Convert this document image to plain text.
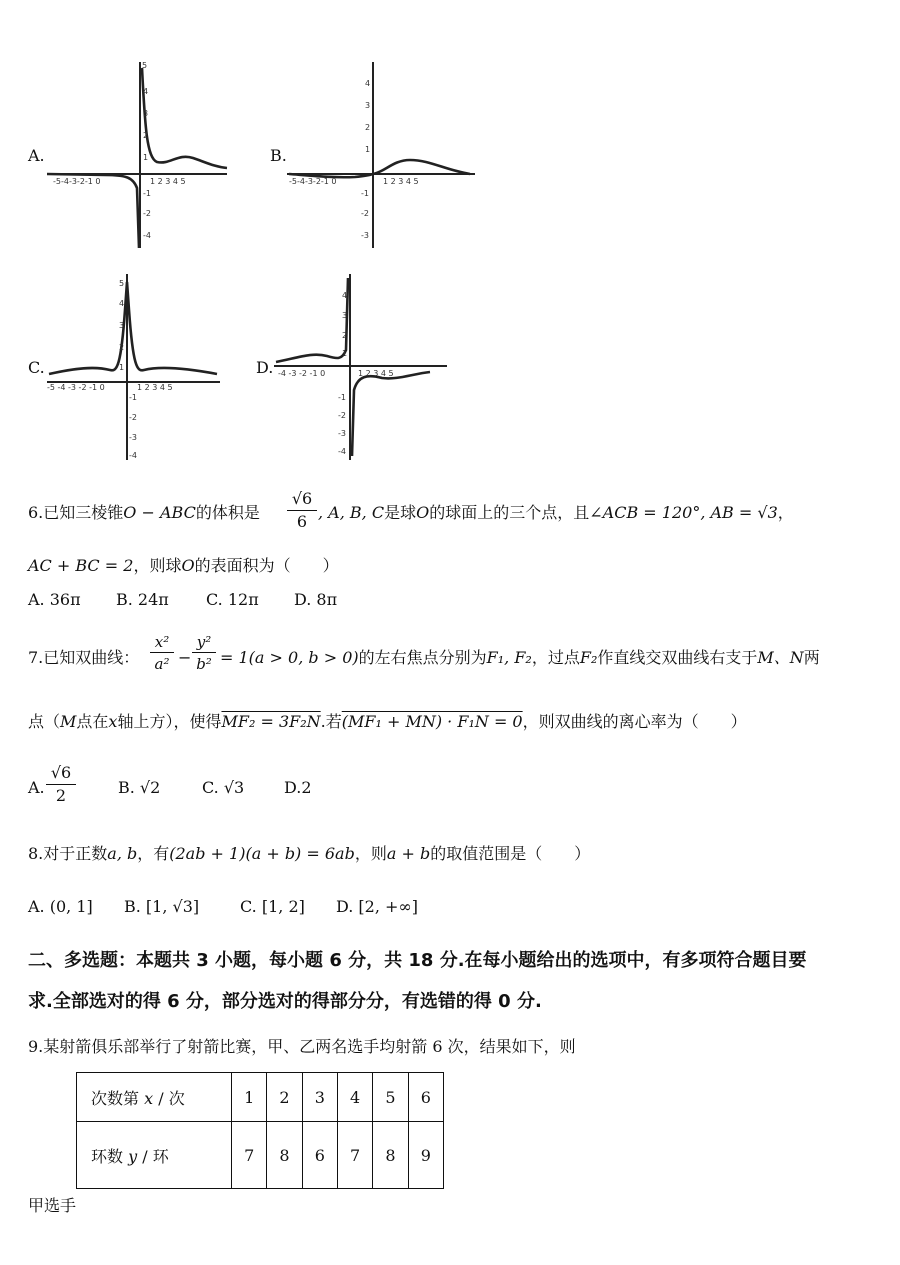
A.
5
4
3
2
1
-1
-2
-4
-5-4-3-2-1 0	1 2 3 4 5
B.
4
3
2
1
-1
-2
-3
-5-4-3-2-1 0	1 2 3 4 5
C.
5
4
3
2
1
-1
-2
-3
-4
-5 -4 -3 -2 -1 0	1 2 3 4 5
D.
4
3
2
1
-1
-2
-3
-4
-4 -3 -2 -1 0	1 2 3 4 5
6.已知三棱锥O − ABC的体积是 $\frac{√6}{6}$ , A, B, C是球O的球面上的三个点，且∠ACB = 120°, AB = √3，
AC + BC = 2，则球O的表面积为（　　）
A. 36π B. 24π C. 12π D. 8π
7.已知双曲线：
x²
a² −
y²
b² = 1(a > 0, b > 0)的左右焦点分别为F₁, F₂，过点F₂作直线交双曲线右支于M、N两
点（M点在x轴上方），使得MF₂ = 3F₂N.若(MF₁ + MN) · F₁N = 0，则双曲线的离心率为（　　）
A. $\frac{√6}{2}$	B. √2	C. √3 D.2
8.对于正数a, b，有(2ab + 1)(a + b) = 6ab，则a + b的取值范围是（　　）
A. (0, 1] B. [1, √3]	C. [1, 2] D. [2, +∞]
二、多选题：本题共 3 小题，每小题 6 分，共 18 分.在每小题给出的选项中，有多项符合题目要
求.全部选对的得 6 分，部分选对的得部分分，有选错的得 0 分.
9.某射箭俱乐部举行了射箭比赛，甲、乙两名选手均射箭 6 次，结果如下，则
次数第 x / 次	1	2	3	4	5	6
环数 y / 环	7	8	6	7	8	9
甲选手
